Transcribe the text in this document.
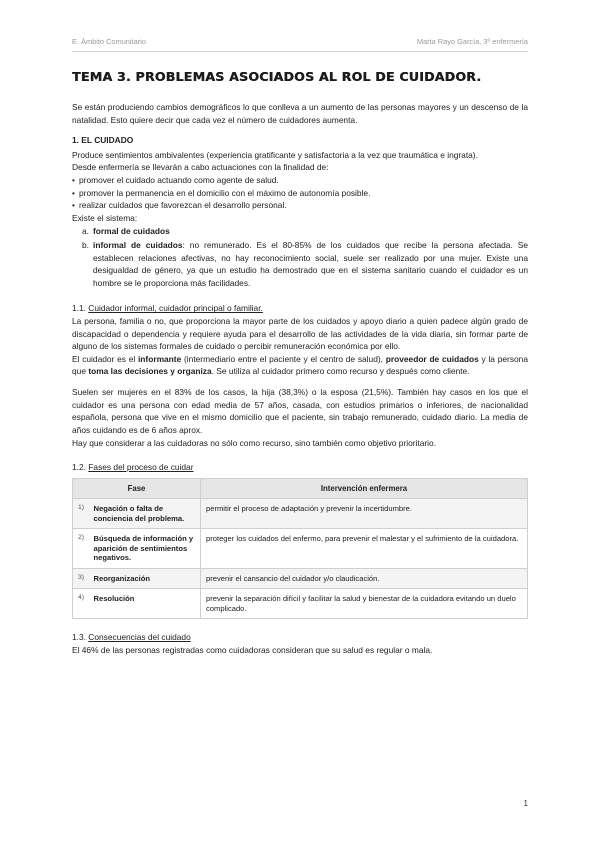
E. Ámbito Comunitario	Marta Rayo García, 3º enfermería
TEMA 3. PROBLEMAS ASOCIADOS AL ROL DE CUIDADOR.

Se están produciendo cambios demográficos lo que conlleva a un aumento de las personas mayores y un descenso de la natalidad. Esto quiere decir que cada vez el número de cuidadores aumenta.

1. EL CUIDADO

Produce sentimientos ambivalentes (experiencia gratificante y satisfactoria a la vez que traumática e ingrata).

Desde enfermería se llevarán a cabo actuaciones con la finalidad de:

• promover el cuidado actuando como agente de salud.
• promover la permanencia en el domicilio con el máximo de autonomía posible.
• realizar cuidados que favorezcan el desarrollo personal.

Existe el sistema:

a. formal de cuidados
b. informal de cuidados: no remunerado. Es el 80-85% de los cuidados que recibe la persona afectada. Se establecen relaciones afectivas, no hay reconocimiento social, suele ser realizado por una mujer. Existe una desigualdad de género, ya que un estudio ha demostrado que en el sistema sanitario cuando el cuidador es un hombre se le proporciona más facilidades.

1.1. Cuidador informal, cuidador principal o familiar.

La persona, familia o no, que proporciona la mayor parte de los cuidados y apoyo diario a quien padece algún grado de discapacidad o dependencia y requiere ayuda para el desarrollo de las actividades de la vida diaria, sin formar parte de alguno de los sistemas formales de cuidado o percibir remuneración económica por ello.

El cuidador es el informante (intermediario entre el paciente y el centro de salud), proveedor de cuidados y la persona que toma las decisiones y organiza. Se utiliza al cuidador primero como recurso y después como cliente.

Suelen ser mujeres en el 83% de los casos, la hija (38,3%) o la esposa (21,5%). También hay casos en los que el cuidador es una persona con edad media de 57 años, casada, con estudios primarios o inferiores, de nacionalidad española, persona que vive en el mismo domicilio que el paciente, sin trabajo remunerado, cuidado diario. La media de años cuidando es de 6 años aprox.

Hay que considerar a las cuidadoras no sólo como recurso, sino también como objetivo prioritario.

1.2. Fases del proceso de cuidar

Fase		Intervención enfermera
1)	Negación o falta de conciencia del problema.	permitir el proceso de adaptación y prevenir la incertidumbre.
2)	Búsqueda de información y aparición de sentimientos negativos.	proteger los cuidados del enfermo, para prevenir el malestar y el sufrimiento de la cuidadora.
3)	Reorganización	prevenir el cansancio del cuidador y/o claudicación.
4)	Resolución	prevenir la separación difícil y facilitar la salud y bienestar de la cuidadora evitando un duelo complicado.

1.3. Consecuencias del cuidado

El 46% de las personas registradas como cuidadoras consideran que su salud es regular o mala.

1
